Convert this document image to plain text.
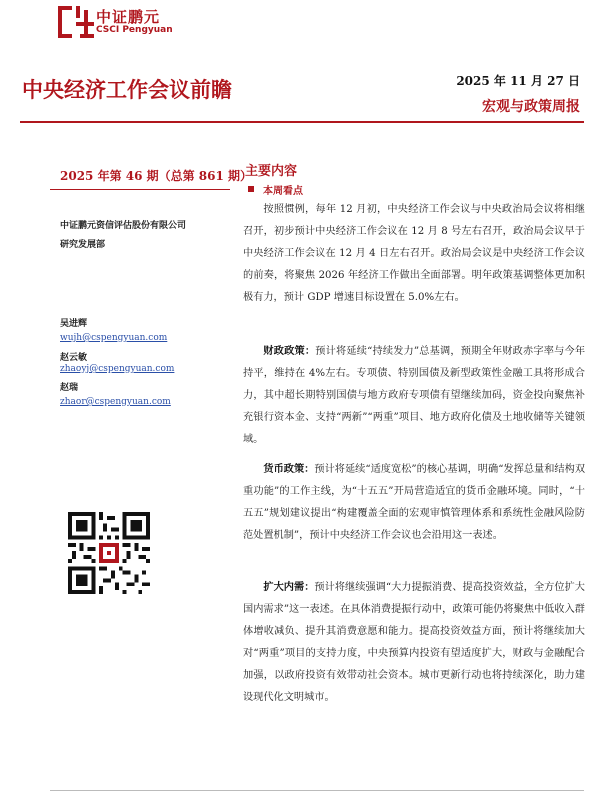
中证鹏元
CSCI Pengyuan
中央经济工作会议前瞻	2025 年 11 月 27 日
宏观与政策周报
2025 年第 46 期（总第 861 期）
中证鹏元资信评估股份有限公司
研究发展部
吴进辉
wujh@cspengyuan.com
赵云敏
zhaoyj@cspengyuan.com
赵瑞
zhaor@cspengyuan.com
主要内容
本周看点
按照惯例，每年 12 月初，中央经济工作会议与中央政治局会议将相继召开，初步预计中央经济工作会议在 12 月 8 号左右召开，政治局会议早于中央经济工作会议在 12 月 4 日左右召开。政治局会议是中央经济工作会议的前奏，将聚焦 2026 年经济工作做出全面部署。明年政策基调整体更加积极有力，预计 GDP 增速目标设置在 5.0%左右。
财政政策：预计将延续“持续发力”总基调，预期全年财政赤字率与今年持平，维持在 4%左右。专项债、特别国债及新型政策性金融工具将形成合力，其中超长期特别国债与地方政府专项债有望继续加码，资金投向聚焦补充银行资本金、支持“两新”“两重”项目、地方政府化债及土地收储等关键领域。
货币政策：预计将延续“适度宽松”的核心基调，明确“发挥总量和结构双重功能”的工作主线，为“十五五”开局营造适宜的货币金融环境。同时，“十五五”规划建议提出“构建覆盖全面的宏观审慎管理体系和系统性金融风险防范处置机制”，预计中央经济工作会议也会沿用这一表述。
扩大内需：预计将继续强调“大力提振消费、提高投资效益，全方位扩大国内需求”这一表述。在具体消费提振行动中，政策可能仍将聚焦中低收入群体增收减负、提升其消费意愿和能力。提高投资效益方面，预计将继续加大对“两重”项目的支持力度，中央预算内投资有望适度扩大，财政与金融配合加强，以政府投资有效带动社会资本。城市更新行动也将持续深化，助力建设现代化文明城市。
